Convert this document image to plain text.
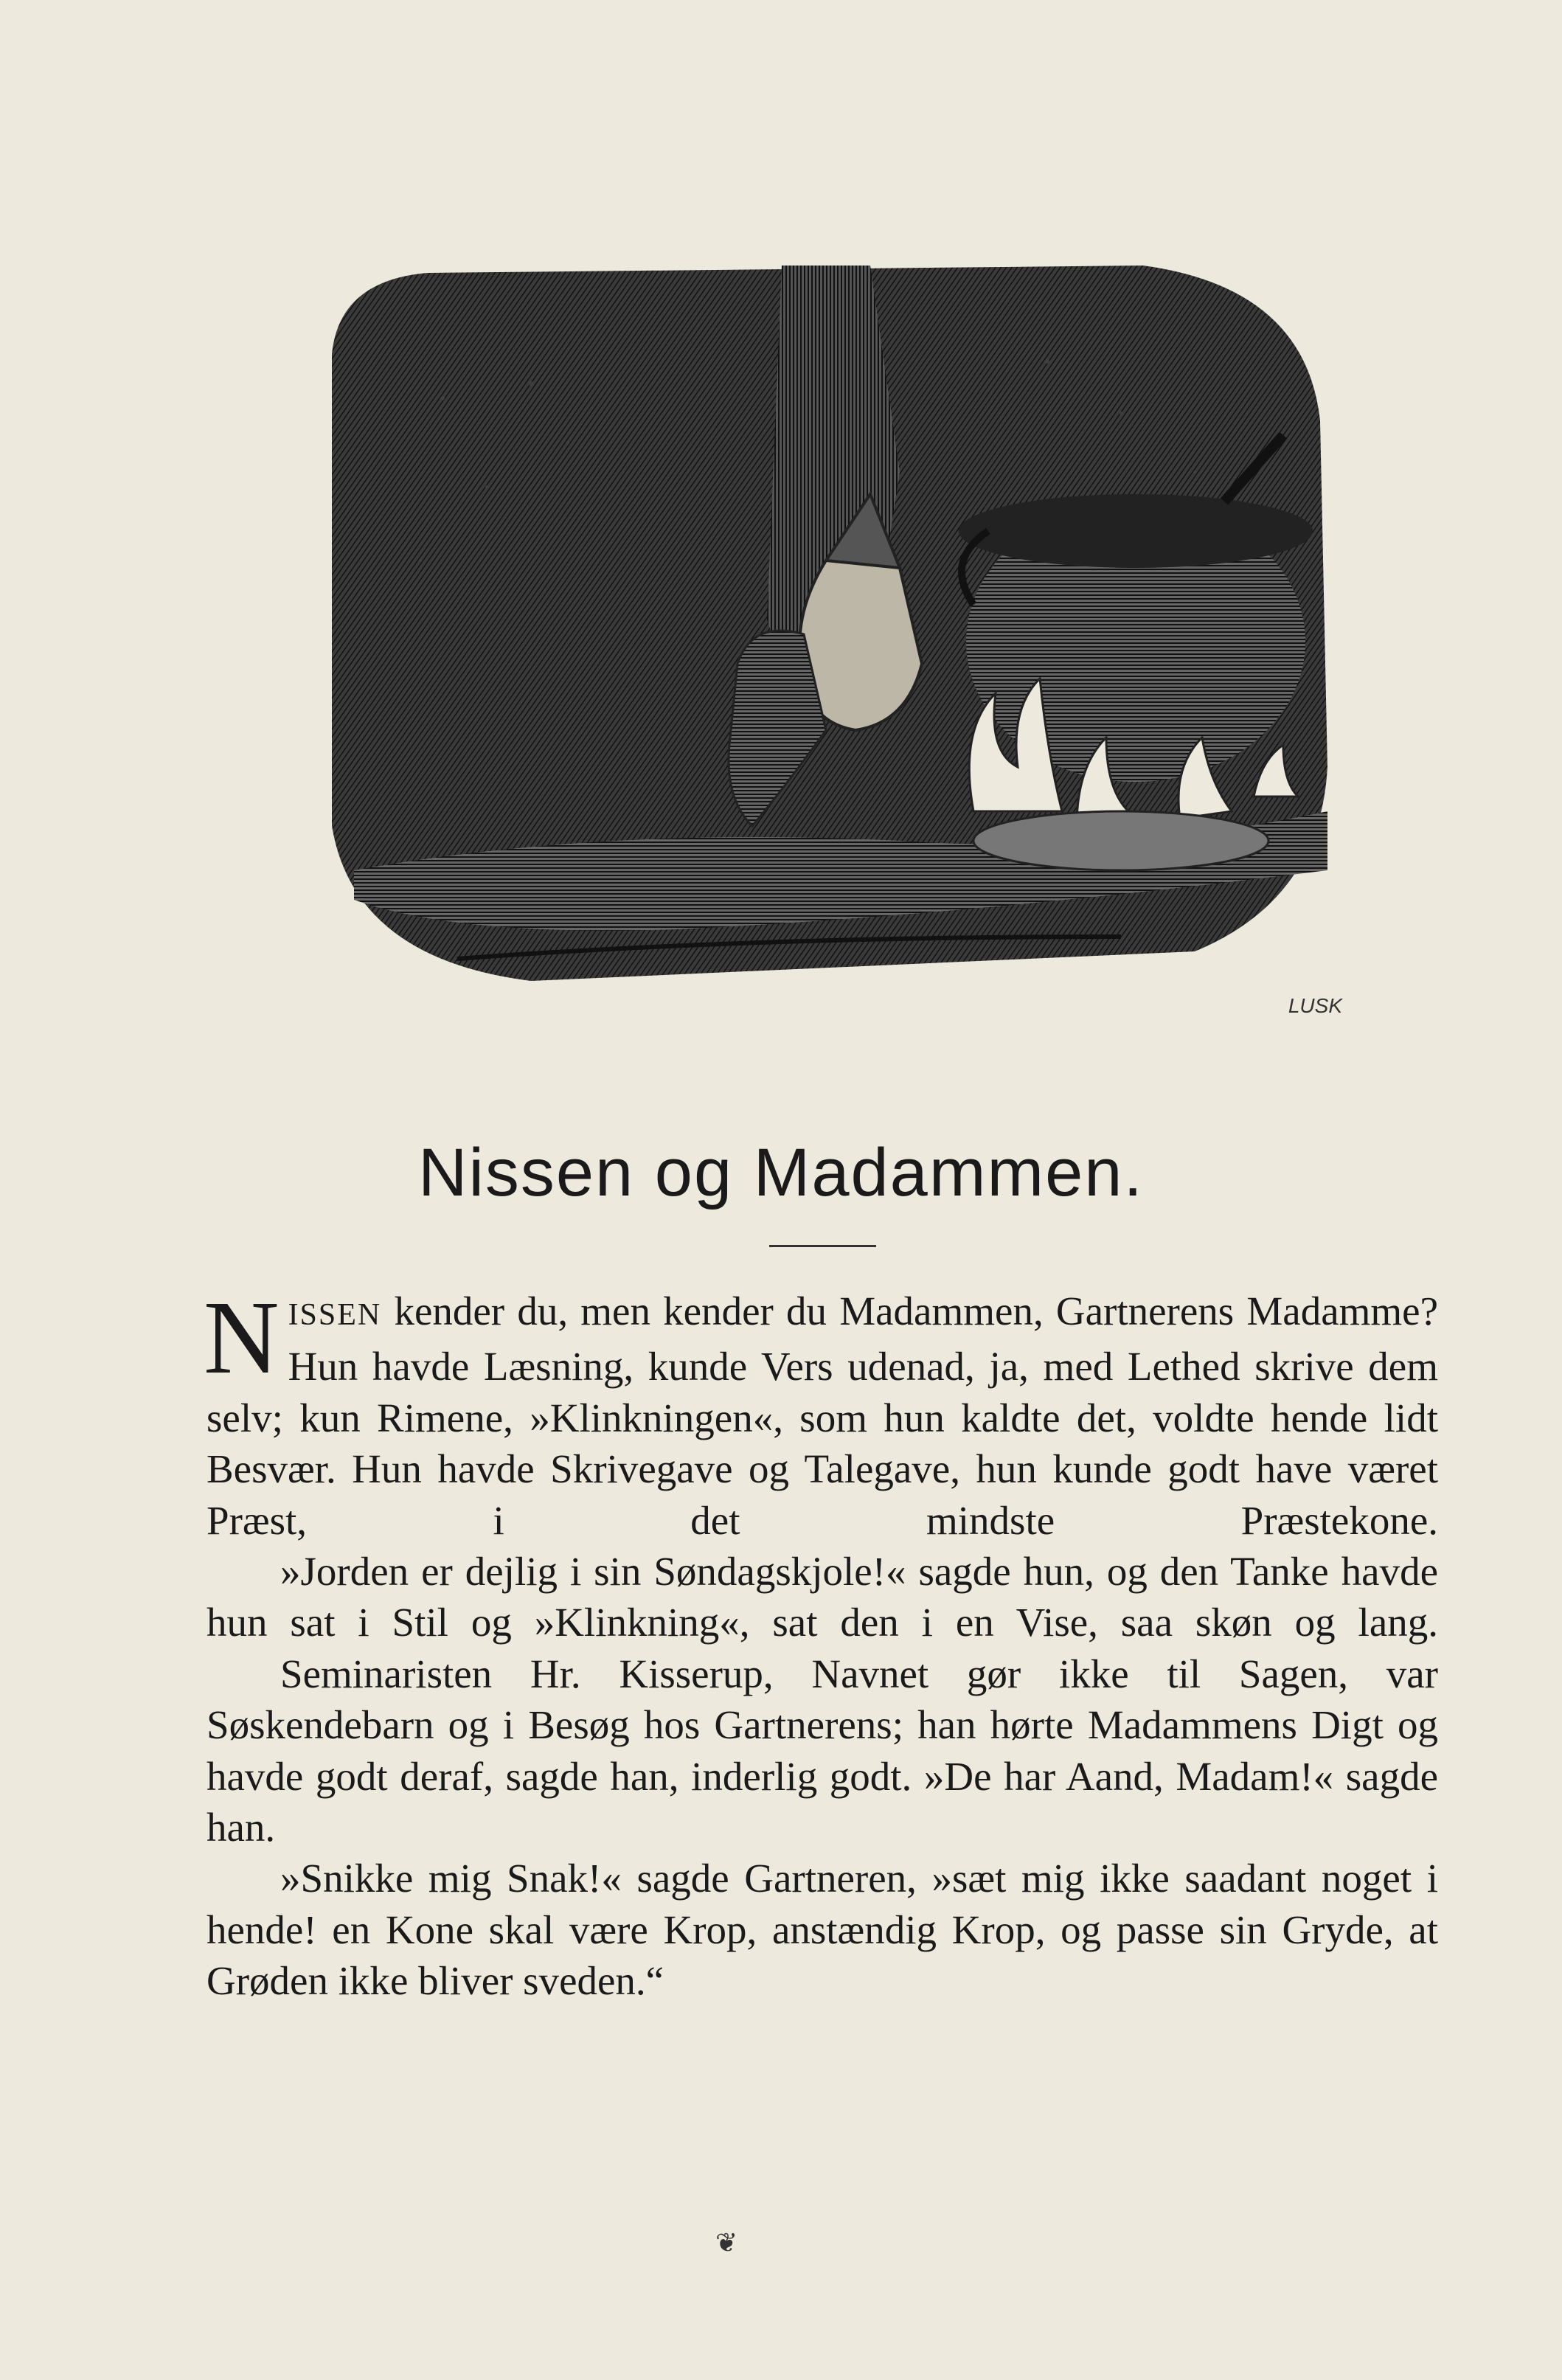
LUSK
Nissen og Madammen.

NISSEN kender du, men kender du Madammen, Gartnerens Madamme? Hun havde Læsning, kunde Vers udenad, ja, med Lethed skrive dem selv; kun Rimene, »Klinkningen«, som hun kaldte det, voldte hende lidt Besvær. Hun havde Skrivegave og Talegave, hun kunde godt have været Præst, i det mindste Præstekone.

»Jorden er dejlig i sin Søndagskjole!« sagde hun, og den Tanke havde hun sat i Stil og »Klinkning«, sat den i en Vise, saa skøn og lang.

Seminaristen Hr. Kisserup, Navnet gør ikke til Sagen, var Søskendebarn og i Besøg hos Gartnerens; han hørte Madammens Digt og havde godt deraf, sagde han, inderlig godt. »De har Aand, Madam!« sagde han.

»Snikke mig Snak!« sagde Gartneren, »sæt mig ikke saadant noget i hende! en Kone skal være Krop, anstændig Krop, og passe sin Gryde, at Grøden ikke bliver sveden.“

❦
